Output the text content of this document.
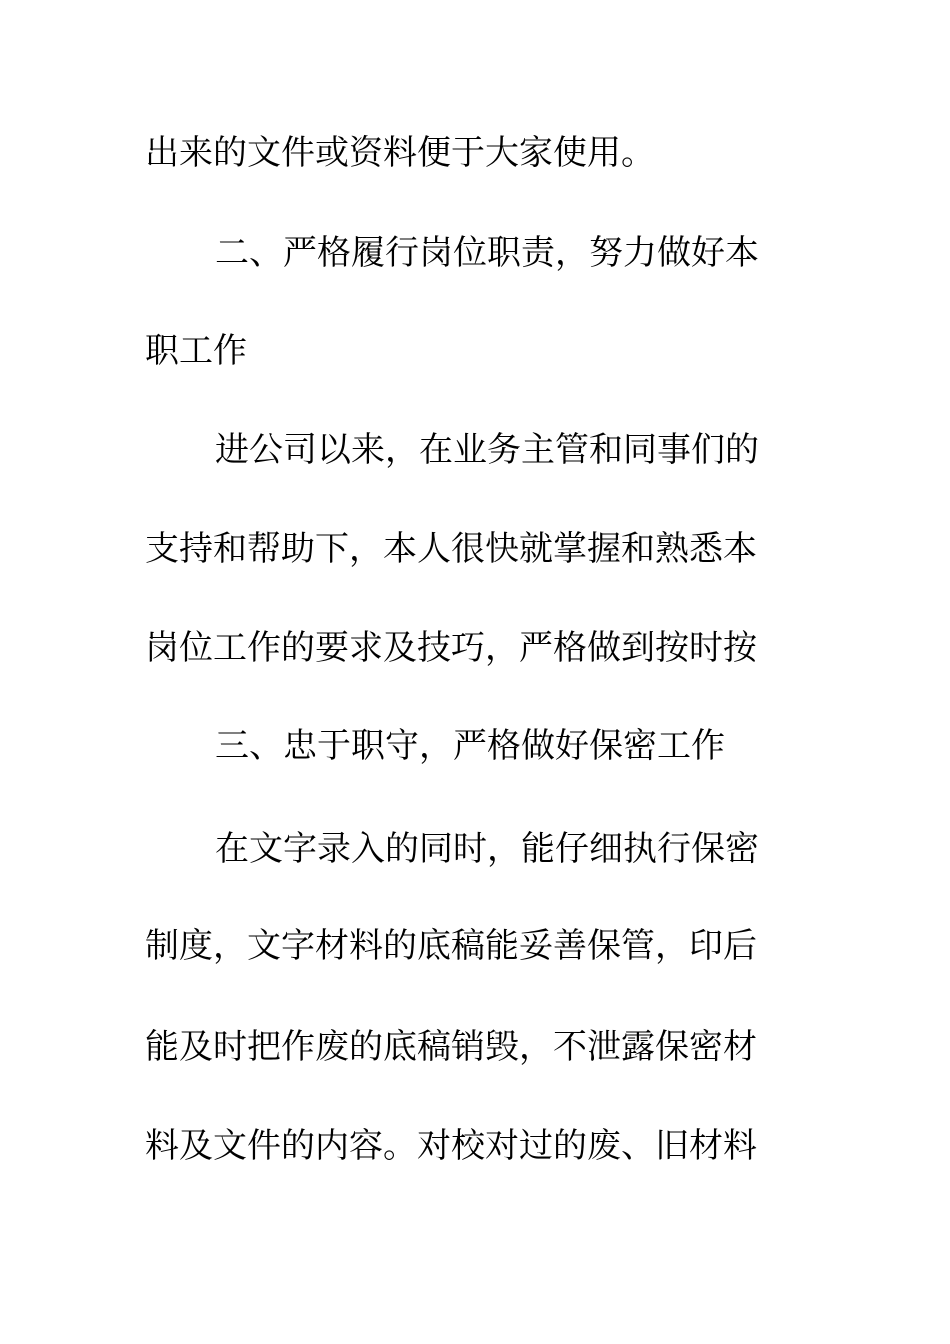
出来的文件或资料便于大家使用。
二、严格履行岗位职责，努力做好本
职工作
进公司以来，在业务主管和同事们的
支持和帮助下，本人很快就掌握和熟悉本
岗位工作的要求及技巧，严格做到按时按
三、忠于职守，严格做好保密工作
在文字录入的同时，能仔细执行保密
制度，文字材料的底稿能妥善保管，印后
能及时把作废的底稿销毁，不泄露保密材
料及文件的内容。对校对过的废、旧材料
